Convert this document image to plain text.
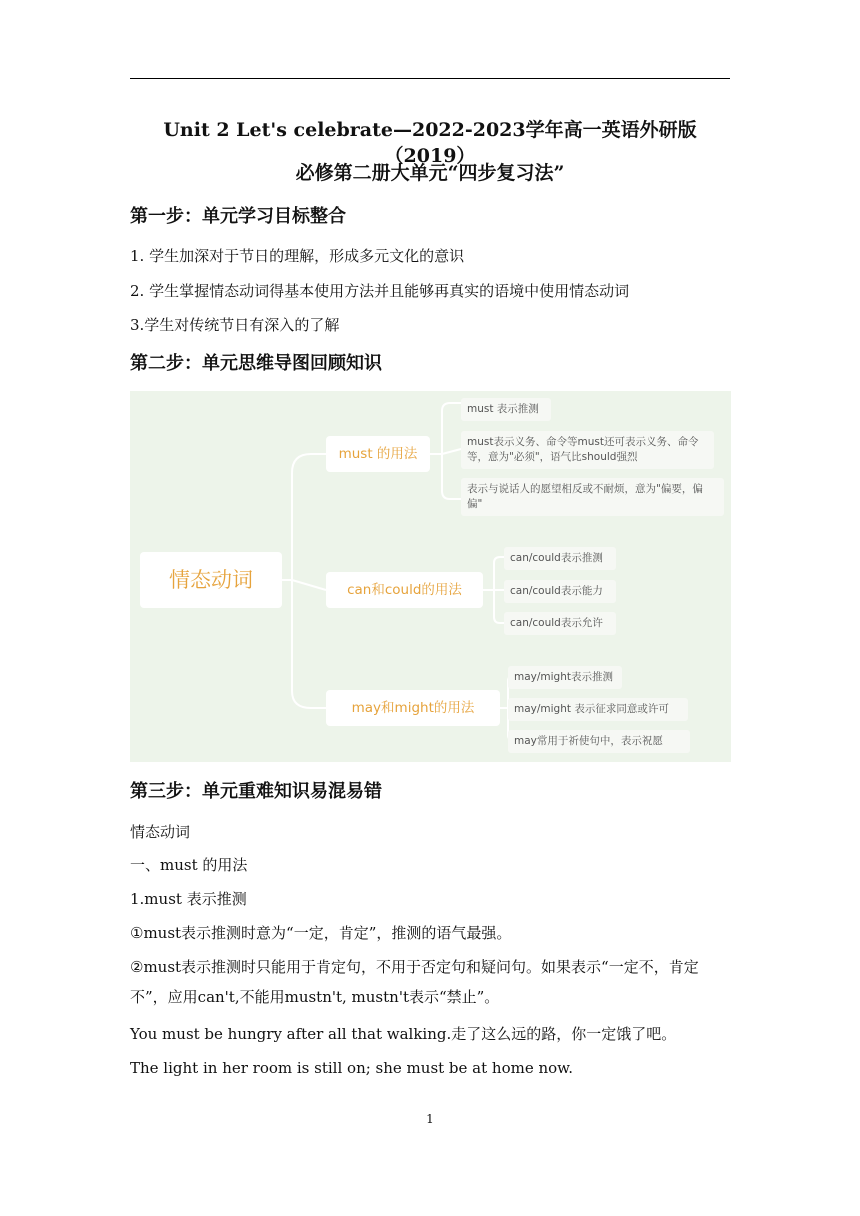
Unit 2 Let's celebrate—2022-2023学年高一英语外研版（2019）
必修第二册大单元“四步复习法”
第一步：单元学习目标整合

1. 学生加深对于节日的理解，形成多元文化的意识

2. 学生掌握情态动词得基本使用方法并且能够再真实的语境中使用情态动词

3.学生对传统节日有深入的了解

第二步：单元思维导图回顾知识
情态动词
must 的用法
can和could的用法
may和might的用法
must 表示推测
must表示义务、命令等must还可表示义务、命令等，意为"必须"，语气比should强烈
表示与说话人的愿望相反或不耐烦，意为"偏要，偏偏"
can/could表示推测
can/could表示能力
can/could表示允许
may/might表示推测
may/might 表示征求同意或许可
may常用于祈使句中，表示祝愿
第三步：单元重难知识易混易错

情态动词

一、must 的用法

1.must 表示推测

①must表示推测时意为“一定，肯定”，推测的语气最强。

②must表示推测时只能用于肯定句，不用于否定句和疑问句。如果表示“一定不，肯定不”，应用can't,不能用mustn't, mustn't表示“禁止”。

You must be hungry after all that walking.走了这么远的路，你一定饿了吧。

The light in her room is still on; she must be at home now.

1
